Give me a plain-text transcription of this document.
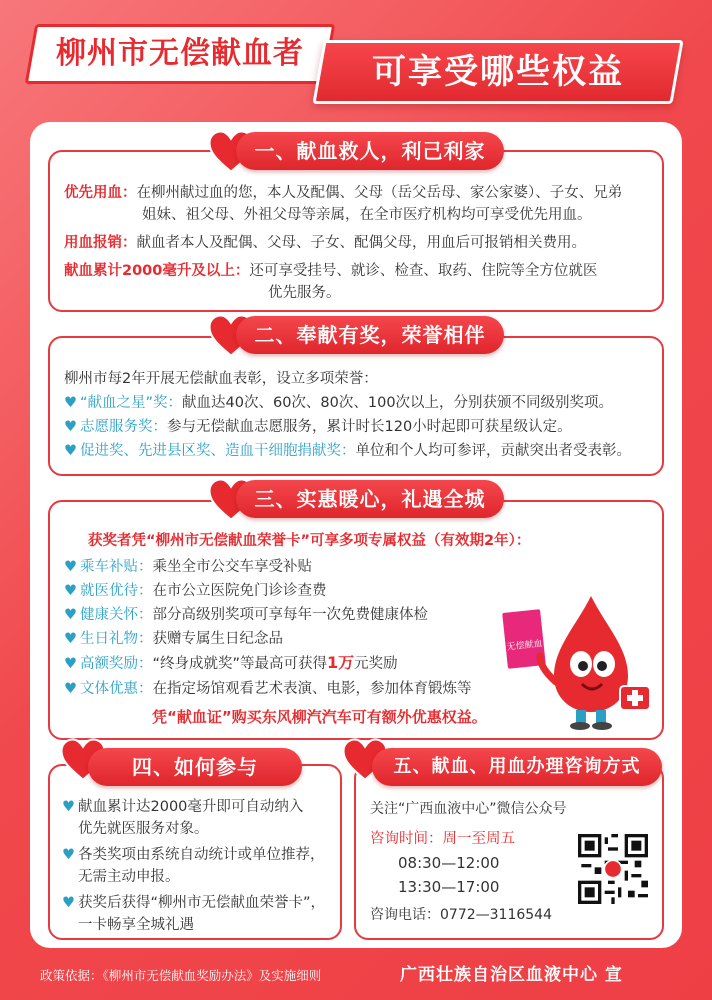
柳州市无偿献血者	可享受哪些权益
一、献血救人，利己利家
优先用血：在柳州献过血的您，本人及配偶、父母（岳父岳母、家公家婆）、子女、兄弟
姐妹、祖父母、外祖父母等亲属，在全市医疗机构均可享受优先用血。
用血报销：献血者本人及配偶、父母、子女、配偶父母，用血后可报销相关费用。
献血累计2000毫升及以上：还可享受挂号、就诊、检查、取药、住院等全方位就医
优先服务。
二、奉献有奖，荣誉相伴
柳州市每2年开展无偿献血表彰，设立多项荣誉：
♥ “献血之星”奖：献血达40次、60次、80次、100次以上，分别获颁不同级别奖项。
♥ 志愿服务奖：参与无偿献血志愿服务，累计时长120小时起即可获星级认定。
♥ 促进奖、先进县区奖、造血干细胞捐献奖：单位和个人均可参评，贡献突出者受表彰。
三、实惠暖心，礼遇全城
获奖者凭“柳州市无偿献血荣誉卡”可享多项专属权益（有效期2年）：
♥ 乘车补贴：乘坐全市公交车享受补贴
♥ 就医优待：在市公立医院免门诊诊查费
♥ 健康关怀：部分高级别奖项可享每年一次免费健康体检
♥ 生日礼物：获赠专属生日纪念品
♥ 高额奖励：“终身成就奖”等最高可获得1万元奖励
♥ 文体优惠：在指定场馆观看艺术表演、电影，参加体育锻炼等
凭“献血证”购买东风柳汽汽车可有额外优惠权益。
无偿献血
四、如何参与
♥ 献血累计达2000毫升即可自动纳入
优先就医服务对象。
♥ 各类奖项由系统自动统计或单位推荐，
无需主动申报。
♥ 获奖后获得“柳州市无偿献血荣誉卡”，
一卡畅享全城礼遇
五、献血、用血办理咨询方式
关注“广西血液中心”微信公众号
咨询时间：周一至周五
08:30—12:00
13:30—17:00
咨询电话：0772—3116544
政策依据：《柳州市无偿献血奖励办法》及实施细则	广西壮族自治区血液中心 宣
